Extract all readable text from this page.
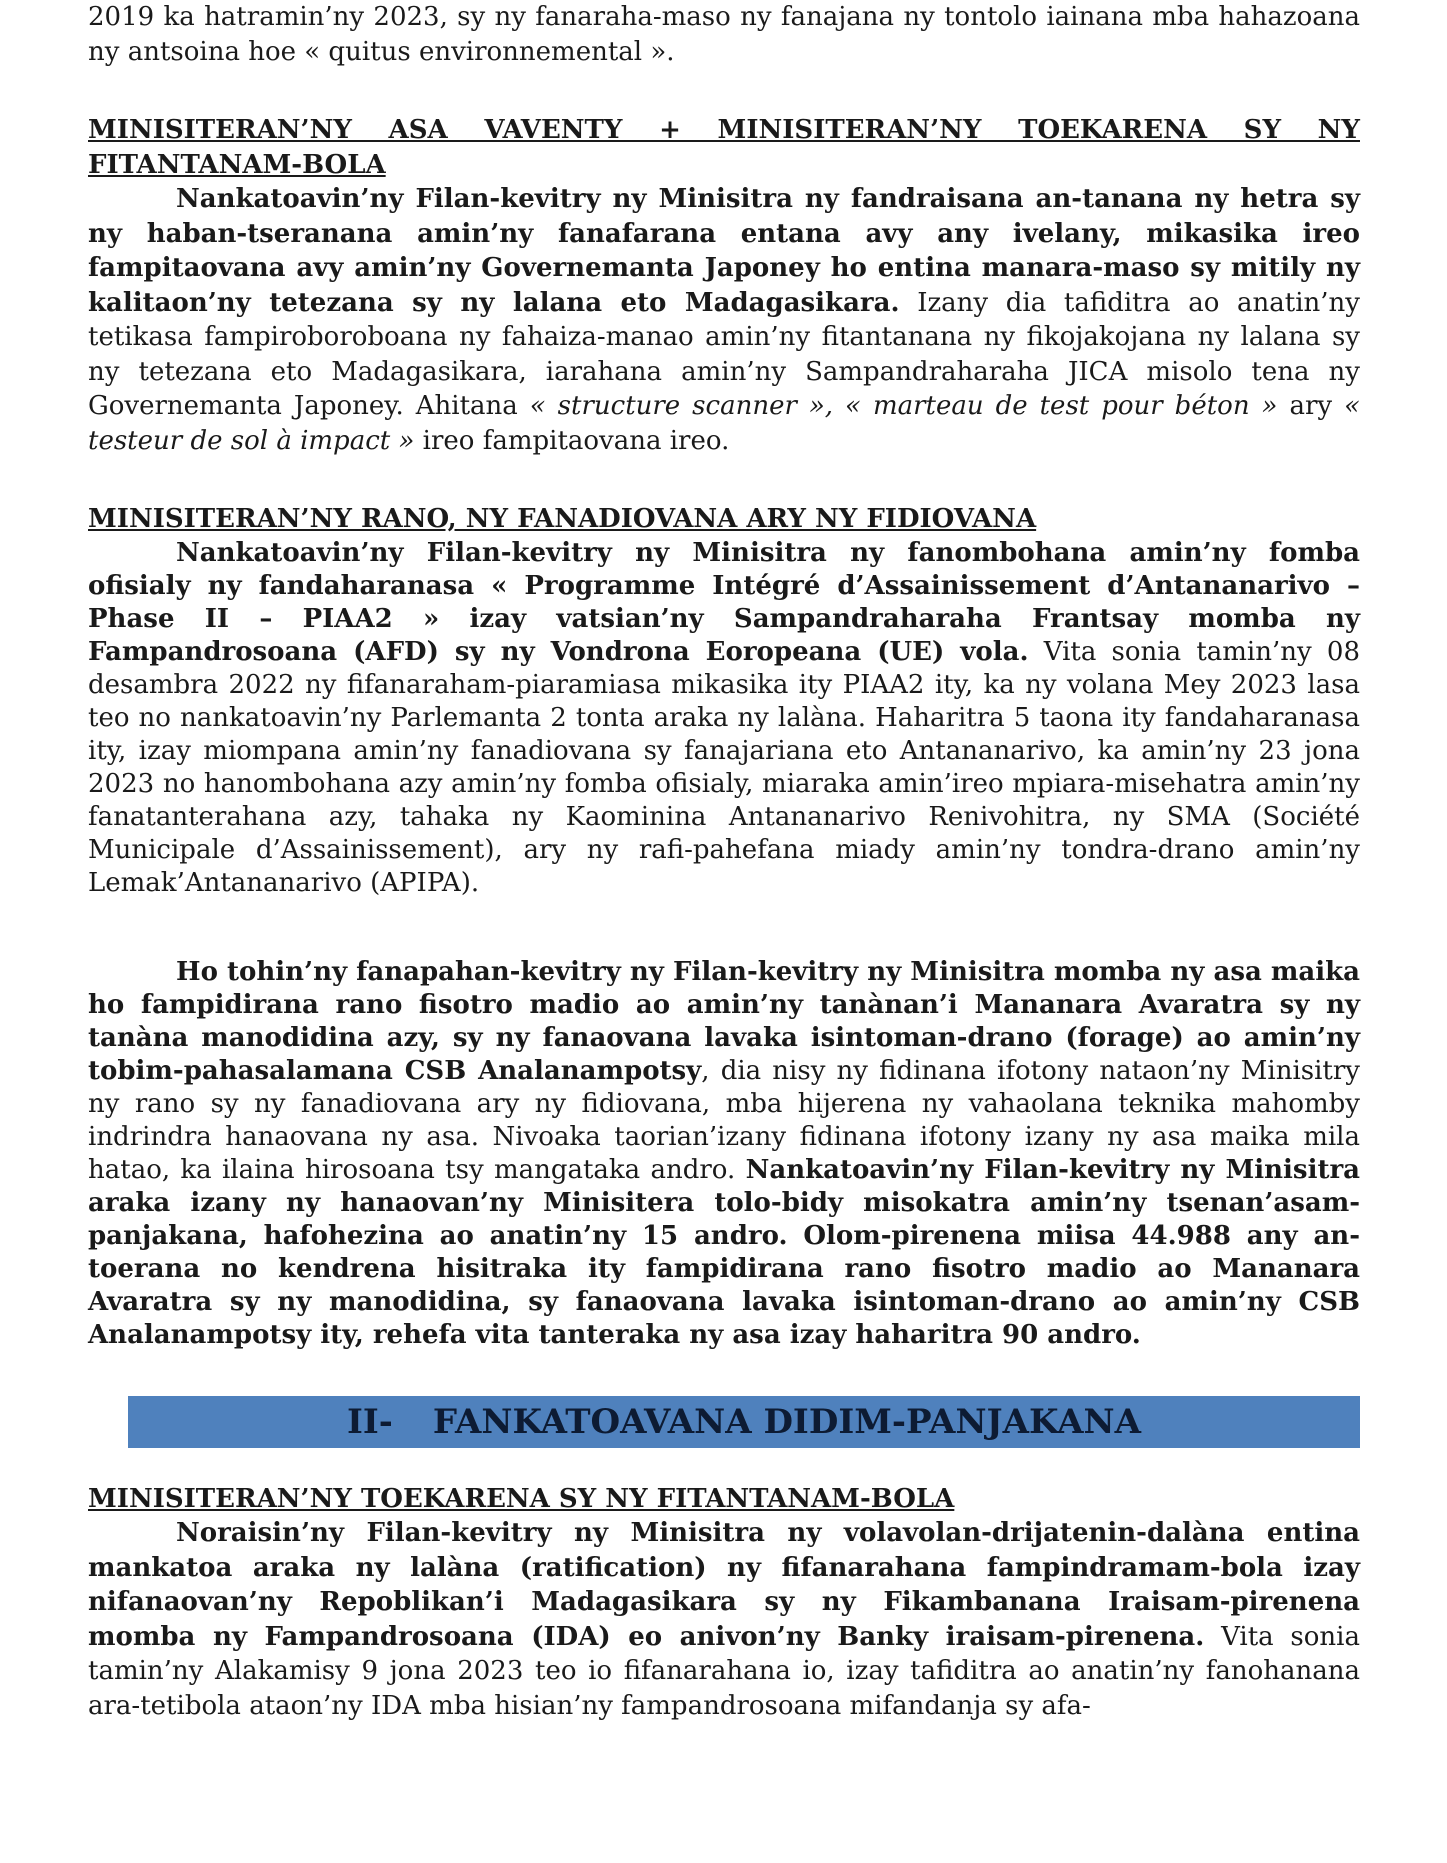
2019 ka hatramin’ny 2023, sy ny fanaraha-maso ny fanajana ny tontolo iainana mba hahazoana ny antsoina hoe « quitus environnemental ».

MINISITERAN’NY ASA VAVENTY + MINISITERAN’NY TOEKARENA SY NY FITANTANAM-BOLA

Nankatoavin’ny Filan-kevitry ny Minisitra ny fandraisana an-tanana ny hetra sy ny haban-tseranana amin’ny fanafarana entana avy any ivelany, mikasika ireo fampitaovana avy amin’ny Governemanta Japoney ho entina manara-maso sy mitily ny kalitaon’ny tetezana sy ny lalana eto Madagasikara. Izany dia tafiditra ao anatin’ny tetikasa fampiroboroboana ny fahaiza-manao amin’ny fitantanana ny fikojakojana ny lalana sy ny tetezana eto Madagasikara, iarahana amin’ny Sampandraharaha JICA misolo tena ny Governemanta Japoney. Ahitana « structure scanner », « marteau de test pour béton » ary « testeur de sol à impact » ireo fampitaovana ireo.

MINISITERAN’NY RANO, NY FANADIOVANA ARY NY FIDIOVANA

Nankatoavin’ny Filan-kevitry ny Minisitra ny fanombohana amin’ny fomba ofisialy ny fandaharanasa « Programme Intégré d’Assainissement d’Antananarivo – Phase II – PIAA2 » izay vatsian’ny Sampandraharaha Frantsay momba ny Fampandrosoana (AFD) sy ny Vondrona Eoropeana (UE) vola. Vita sonia tamin’ny 08 desambra 2022 ny fifanaraham-piaramiasa mikasika ity PIAA2 ity, ka ny volana Mey 2023 lasa teo no nankatoavin’ny Parlemanta 2 tonta araka ny lalàna. Haharitra 5 taona ity fandaharanasa ity, izay miompana amin’ny fanadiovana sy fanajariana eto Antananarivo, ka amin’ny 23 jona 2023 no hanombohana azy amin’ny fomba ofisialy, miaraka amin’ireo mpiara-misehatra amin’ny fanatanterahana azy, tahaka ny Kaominina Antananarivo Renivohitra, ny SMA (Société Municipale d’Assainissement), ary ny rafi-pahefana miady amin’ny tondra-drano amin’ny Lemak’Antananarivo (APIPA).

Ho tohin’ny fanapahan-kevitry ny Filan-kevitry ny Minisitra momba ny asa maika ho fampidirana rano fisotro madio ao amin’ny tanànan’i Mananara Avaratra sy ny tanàna manodidina azy, sy ny fanaovana lavaka isintoman-drano (forage) ao amin’ny tobim-pahasalamana CSB Analanampotsy, dia nisy ny fidinana ifotony nataon’ny Minisitry ny rano sy ny fanadiovana ary ny fidiovana, mba hijerena ny vahaolana teknika mahomby indrindra hanaovana ny asa. Nivoaka taorian’izany fidinana ifotony izany ny asa maika mila hatao, ka ilaina hirosoana tsy mangataka andro. Nankatoavin’ny Filan-kevitry ny Minisitra araka izany ny hanaovan’ny Minisitera tolo-bidy misokatra amin’ny tsenan’asam-panjakana, hafohezina ao anatin’ny 15 andro. Olom-pirenena miisa 44.988 any an-toerana no kendrena hisitraka ity fampidirana rano fisotro madio ao Mananara Avaratra sy ny manodidina, sy fanaovana lavaka isintoman-drano ao amin’ny CSB Analanampotsy ity, rehefa vita tanteraka ny asa izay haharitra 90 andro.

II- FANKATOAVANA DIDIM-PANJAKANA

MINISITERAN’NY TOEKARENA SY NY FITANTANAM-BOLA

Noraisin’ny Filan-kevitry ny Minisitra ny volavolan-drijatenin-dalàna entina mankatoa araka ny lalàna (ratification) ny fifanarahana fampindramam-bola izay nifanaovan’ny Repoblikan’i Madagasikara sy ny Fikambanana Iraisam-pirenena momba ny Fampandrosoana (IDA) eo anivon’ny Banky iraisam-pirenena. Vita sonia tamin’ny Alakamisy 9 jona 2023 teo io fifanarahana io, izay tafiditra ao anatin’ny fanohanana ara-tetibola ataon’ny IDA mba hisian’ny fampandrosoana mifandanja sy afa-
